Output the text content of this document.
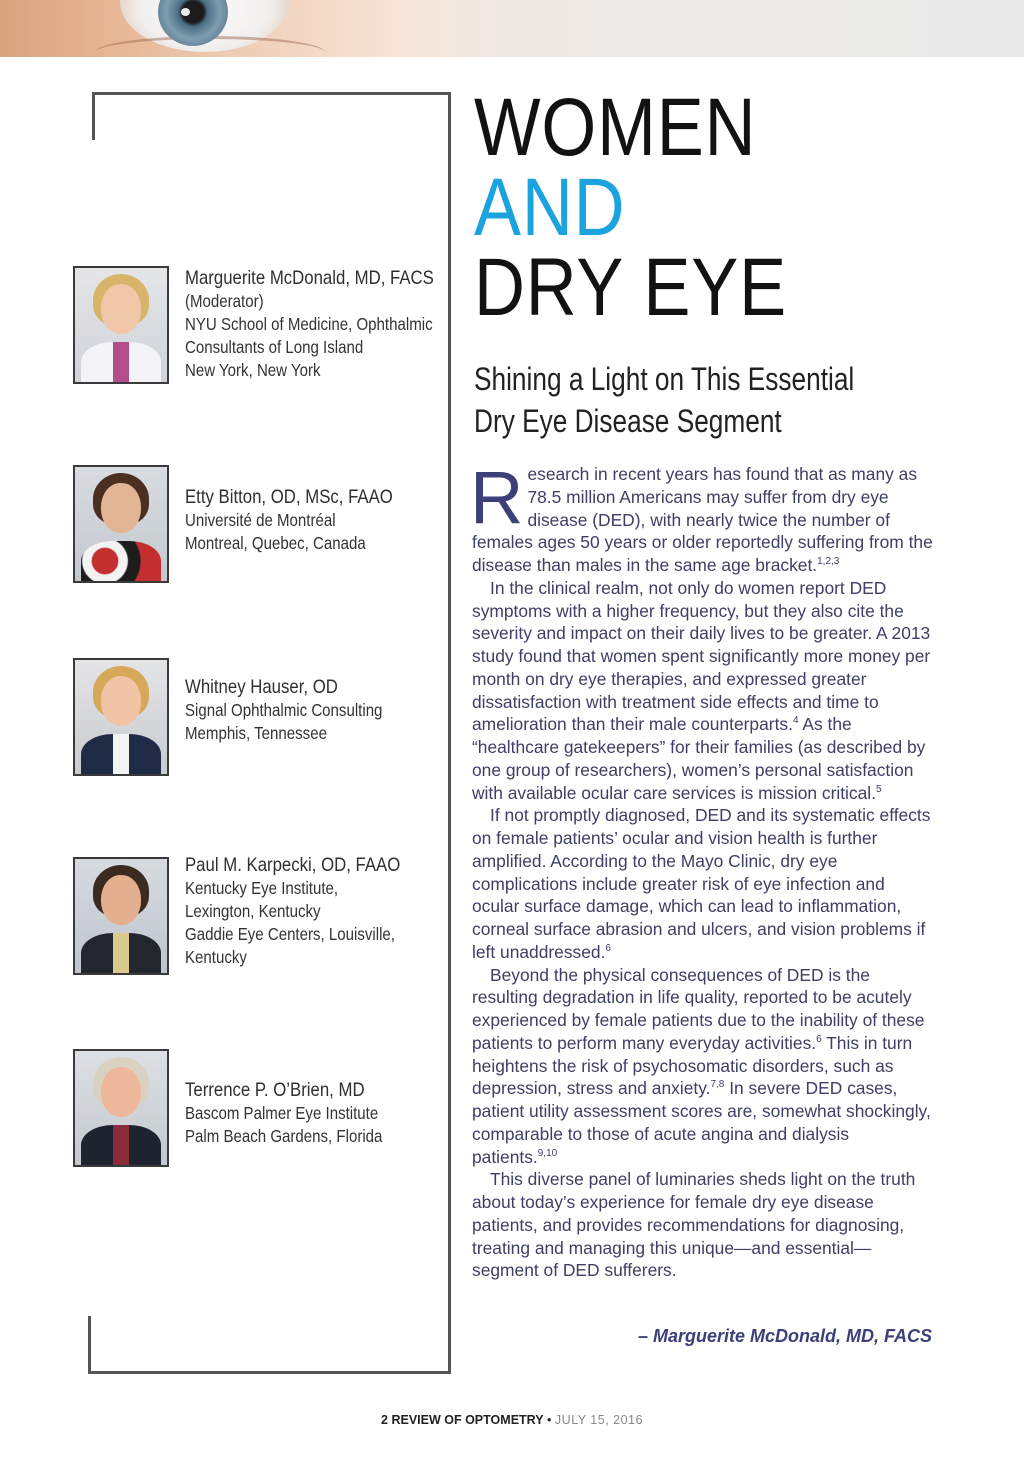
Marguerite McDonald, MD, FACS
(Moderator)
NYU School of Medicine, Ophthalmic
Consultants of Long Island
New York, New York
Etty Bitton, OD, MSc, FAAO
Université de Montréal
Montreal, Quebec, Canada
Whitney Hauser, OD
Signal Ophthalmic Consulting
Memphis, Tennessee
Paul M. Karpecki, OD, FAAO
Kentucky Eye Institute,
Lexington, Kentucky
Gaddie Eye Centers, Louisville,
Kentucky
Terrence P. O’Brien, MD
Bascom Palmer Eye Institute
Palm Beach Gardens, Florida
WOMEN
AND
DRY EYE
Shining a Light on This Essential
Dry Eye Disease Segment

Research in recent years has found that as many as 78.5 million Americans may suffer from dry eye disease (DED), with nearly twice the number of females ages 50 years or older reportedly suffering from the disease than males in the same age bracket.$^{1,2,3}$

In the clinical realm, not only do women report DED symptoms with a higher frequency, but they also cite the severity and impact on their daily lives to be greater. A 2013 study found that women spent significantly more money per month on dry eye therapies, and expressed greater dissatisfaction with treatment side effects and time to amelioration than their male counterparts.$^4$ As the “healthcare gatekeepers” for their families (as described by one group of researchers), women’s personal satisfaction with available ocular care services is mission critical.$^5$

If not promptly diagnosed, DED and its systematic effects on female patients’ ocular and vision health is further amplified. According to the Mayo Clinic, dry eye complications include greater risk of eye infection and ocular surface damage, which can lead to inflammation, corneal surface abrasion and ulcers, and vision problems if left unaddressed.$^6$

Beyond the physical consequences of DED is the resulting degradation in life quality, reported to be acutely experienced by female patients due to the inability of these patients to perform many everyday activities.$^6$ This in turn heightens the risk of psychosomatic disorders, such as depression, stress and anxiety.$^{7,8}$ In severe DED cases, patient utility assessment scores are, somewhat shockingly, comparable to those of acute angina and dialysis patients.$^{9,10}$

This diverse panel of luminaries sheds light on the truth about today’s experience for female dry eye disease patients, and provides recommendations for diagnosing, treating and managing this unique—and essential—segment of DED sufferers.

– Marguerite McDonald, MD, FACS
2 REVIEW OF OPTOMETRY • JULY 15, 2016
